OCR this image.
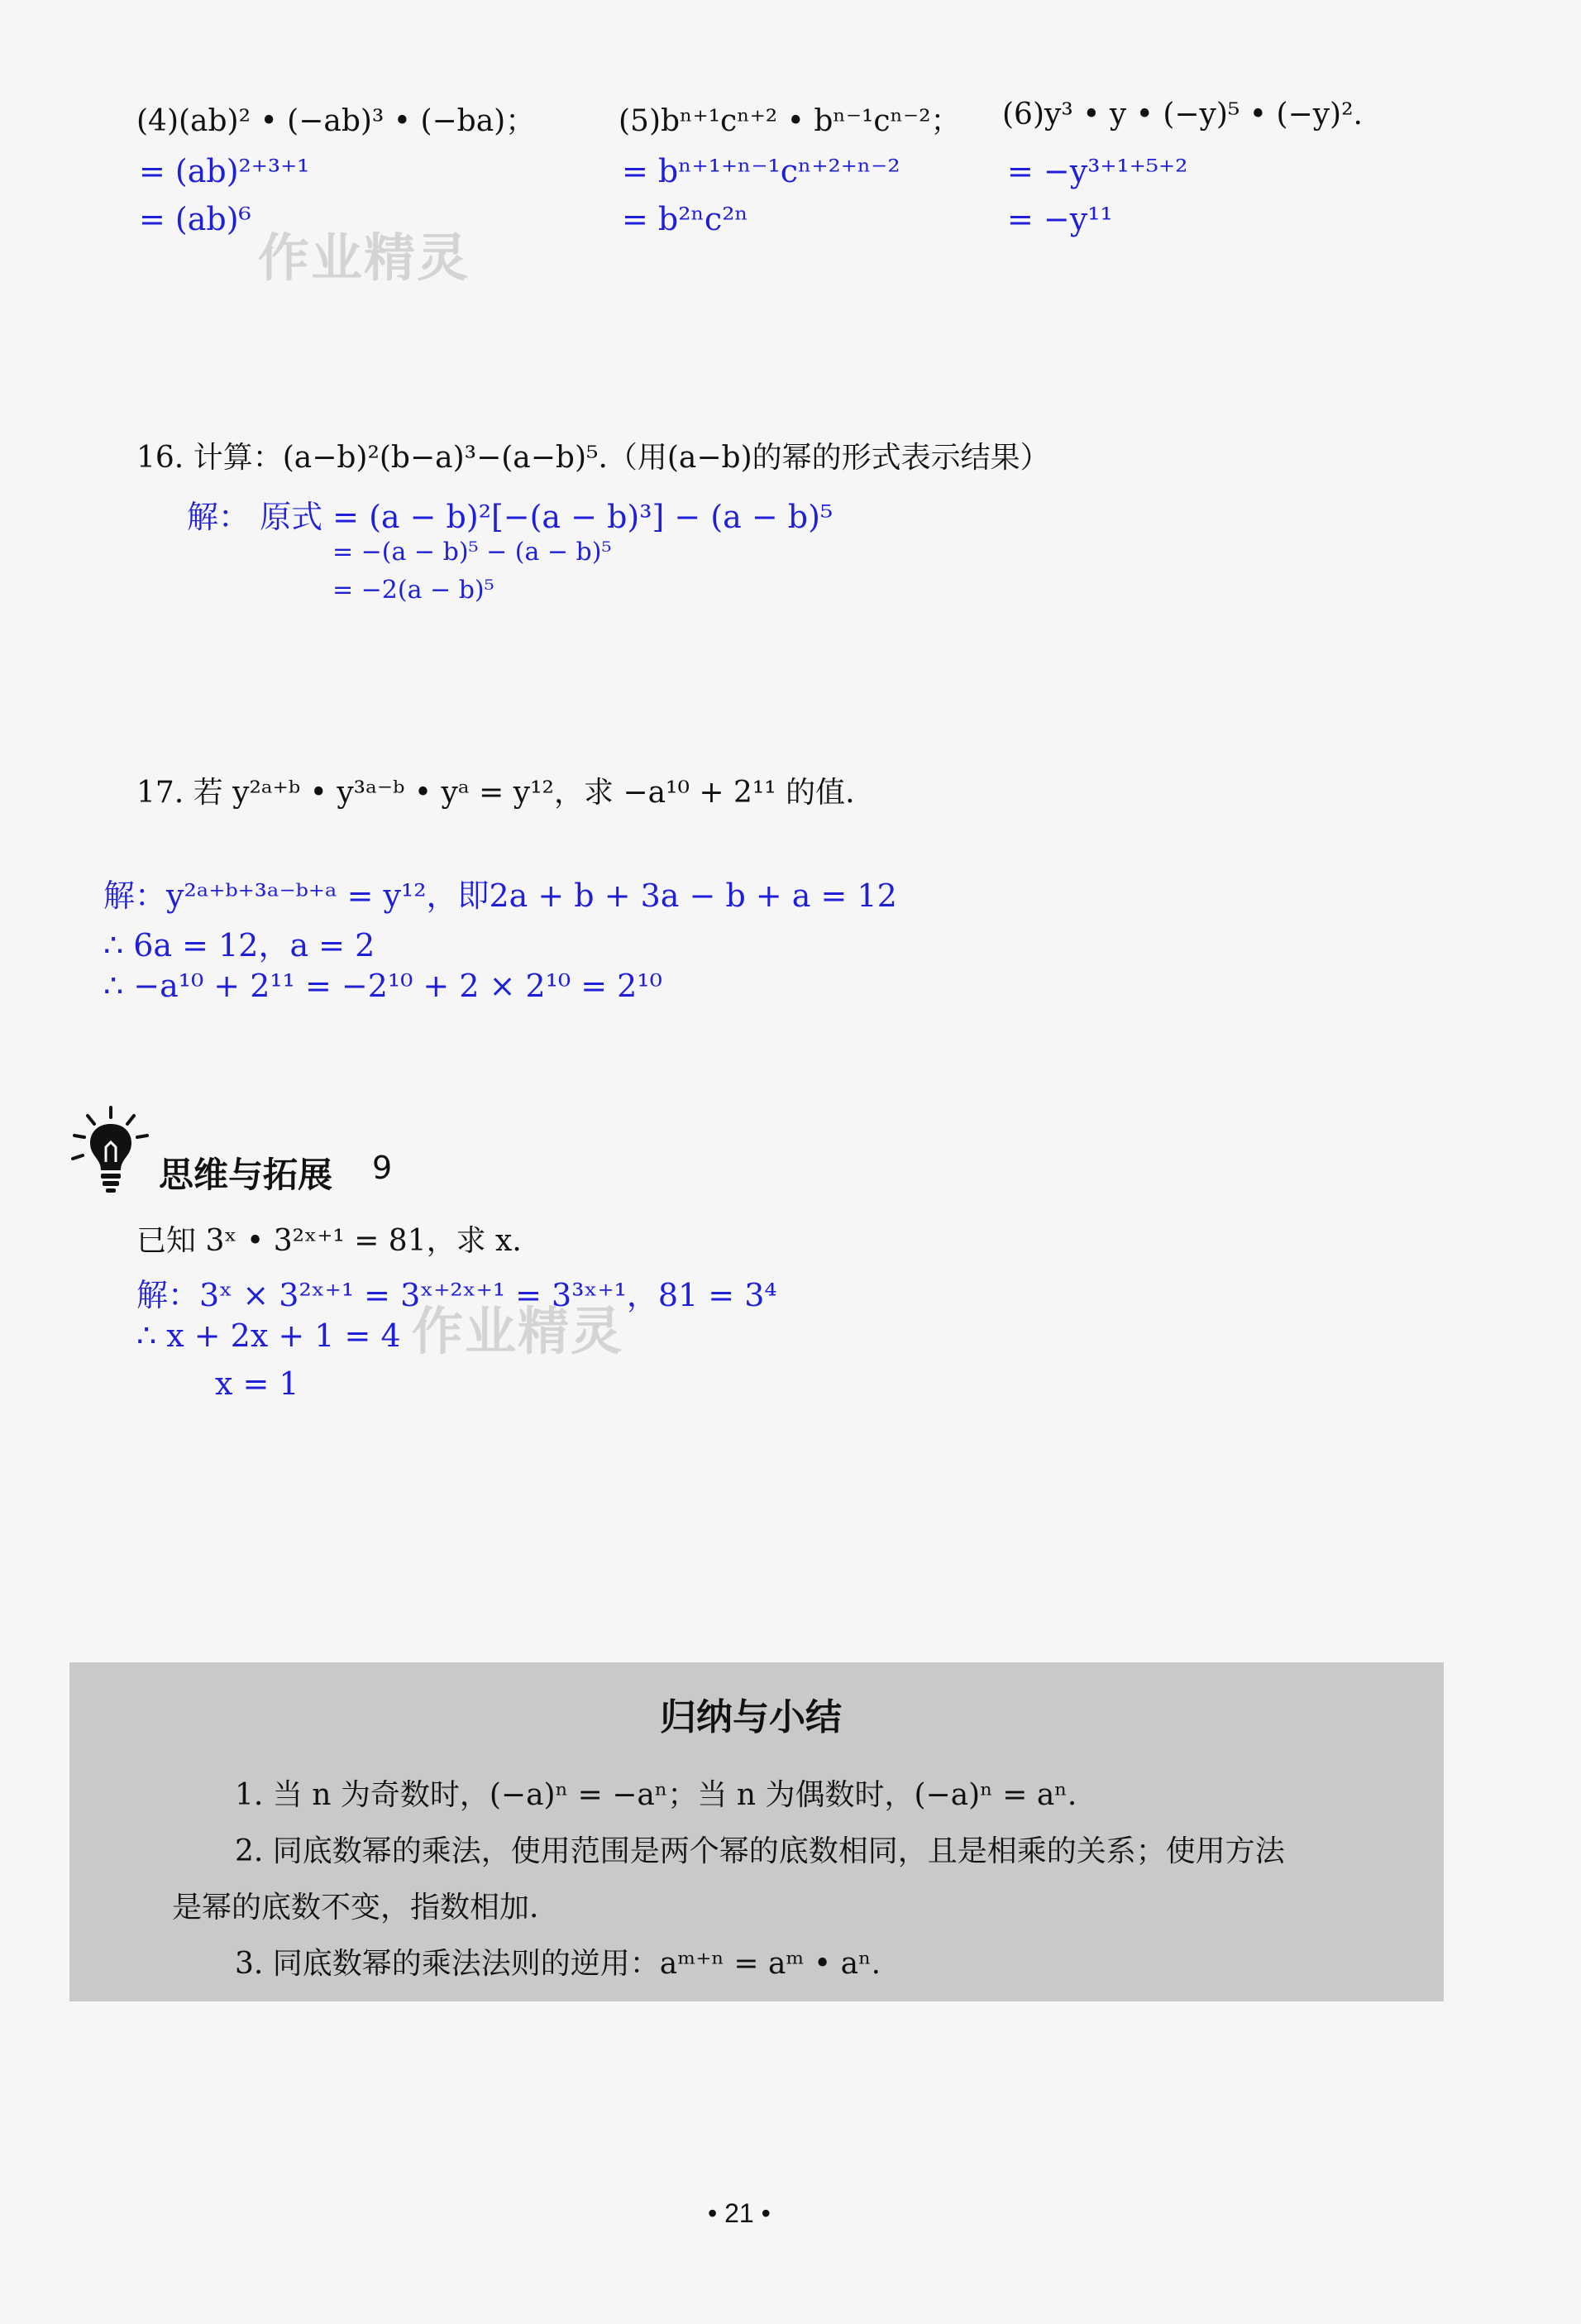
(4)(ab)² • (−ab)³ • (−ba)；
= (ab)²⁺³⁺¹
= (ab)⁶
(5)bⁿ⁺¹cⁿ⁺² • bⁿ⁻¹cⁿ⁻²；
= bⁿ⁺¹⁺ⁿ⁻¹cⁿ⁺²⁺ⁿ⁻²
= b²ⁿc²ⁿ
(6)y³ • y • (−y)⁵ • (−y)².
= −y³⁺¹⁺⁵⁺²
= −y¹¹
作业精灵
16. 计算：(a−b)²(b−a)³−(a−b)⁵.（用(a−b)的幂的形式表示结果）
解： 原式 = (a − b)²[−(a − b)³] − (a − b)⁵
= −(a − b)⁵ − (a − b)⁵
= −2(a − b)⁵
17. 若 y²ᵃ⁺ᵇ • y³ᵃ⁻ᵇ • yᵃ = y¹²，求 −a¹⁰ + 2¹¹ 的值.
解：y²ᵃ⁺ᵇ⁺³ᵃ⁻ᵇ⁺ᵃ = y¹²，即2a + b + 3a − b + a = 12
∴ 6a = 12，a = 2
∴ −a¹⁰ + 2¹¹ = −2¹⁰ + 2 × 2¹⁰ = 2¹⁰
思维与拓展 9
已知 3ˣ • 3²ˣ⁺¹ = 81，求 x.
解：3ˣ × 3²ˣ⁺¹ = 3ˣ⁺²ˣ⁺¹ = 3³ˣ⁺¹，81 = 3⁴
∴ x + 2x + 1 = 4
x = 1
作业精灵
归纳与小结
1. 当 n 为奇数时，(−a)ⁿ = −aⁿ；当 n 为偶数时，(−a)ⁿ = aⁿ.
2. 同底数幂的乘法，使用范围是两个幂的底数相同，且是相乘的关系；使用方法
是幂的底数不变，指数相加.
3. 同底数幂的乘法法则的逆用：aᵐ⁺ⁿ = aᵐ • aⁿ.
• 21 •
